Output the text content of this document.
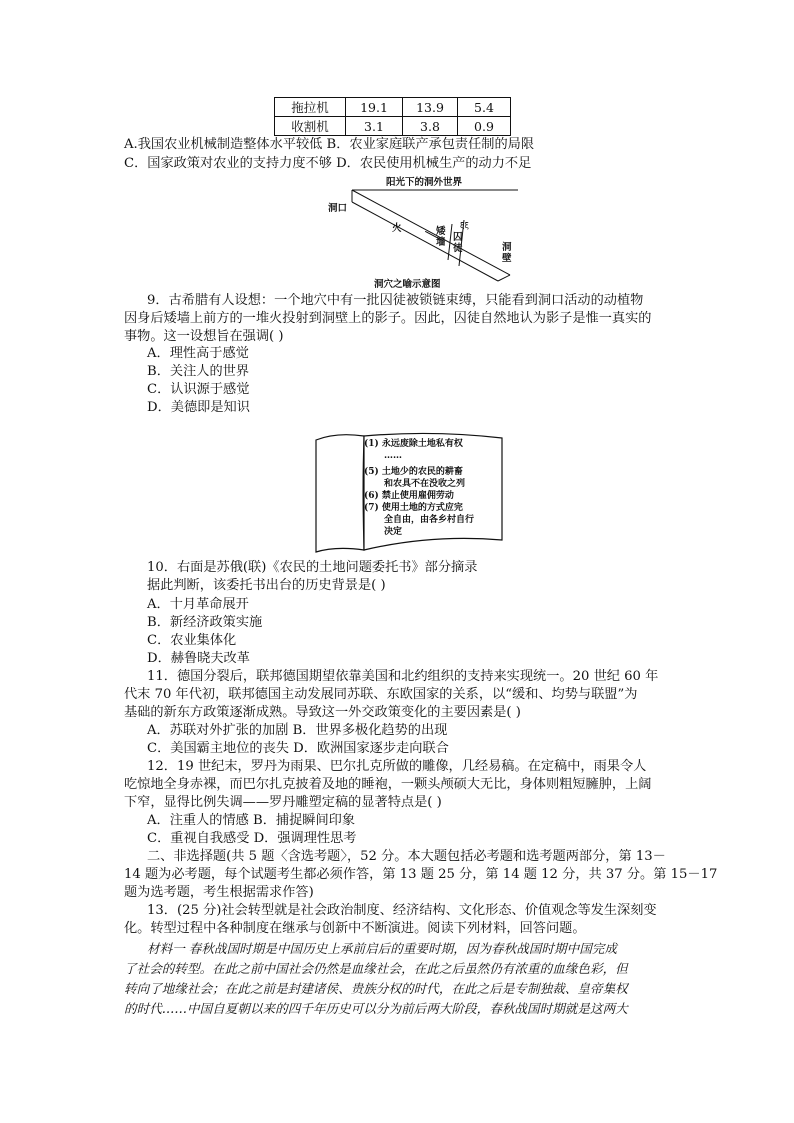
拖拉机	19.1	13.9	5.4
收割机	3.1	3.8	0.9
A.我国农业机械制造整体水平较低 B．农业家庭联产承包责任制的局限
C．国家政策对农业的支持力度不够 D．农民使用机械生产的动力不足
阳光下的洞外世界
洞口
火	矮墙
ξξ
囚徒	洞壁
洞穴之喻示意图
9．古希腊有人设想：一个地穴中有一批囚徒被锁链束缚，只能看到洞口活动的动植物
因身后矮墙上前方的一堆火投射到洞壁上的影子。因此，囚徒自然地认为影子是惟一真实的
事物。这一设想旨在强调( )
A．理性高于感觉
B．关注人的世界
C．认识源于感觉
D．美德即是知识
(1) 永远废除土地私有权
……
(5) 土地少的农民的耕畜
和农具不在没收之列
(6) 禁止使用雇佣劳动
(7) 使用土地的方式应完
全自由，由各乡村自行
决定
10．右面是苏俄(联)《农民的土地问题委托书》部分摘录
据此判断，该委托书出台的历史背景是( )
A．十月革命展开
B．新经济政策实施
C．农业集体化
D．赫鲁晓夫改革
11．德国分裂后，联邦德国期望依靠美国和北约组织的支持来实现统一。20 世纪 60 年
代末 70 年代初，联邦德国主动发展同苏联、东欧国家的关系，以“缓和、均势与联盟”为
基础的新东方政策逐渐成熟。导致这一外交政策变化的主要因素是( )
A．苏联对外扩张的加剧 B．世界多极化趋势的出现
C．美国霸主地位的丧失 D．欧洲国家逐步走向联合
12．19 世纪末，罗丹为雨果、巴尔扎克所做的雕像，几经易稿。在定稿中，雨果令人
吃惊地全身赤裸，而巴尔扎克披着及地的睡袍，一颗头颅硕大无比，身体则粗短臃肿，上阔
下窄，显得比例失调——罗丹雕塑定稿的显著特点是( )
A．注重人的情感 B．捕捉瞬间印象
C．重视自我感受 D．强调理性思考
二、非选择题(共 5 题〈含选考题〉，52 分。本大题包括必考题和选考题两部分，第 13－
14 题为必考题，每个试题考生都必须作答，第 13 题 25 分，第 14 题 12 分，共 37 分。第 15－17
题为选考题，考生根据需求作答)
13．(25 分)社会转型就是社会政治制度、经济结构、文化形态、价值观念等发生深刻变
化。转型过程中各种制度在继承与创新中不断演进。阅读下列材料，回答问题。
材料一 春秋战国时期是中国历史上承前启后的重要时期，因为春秋战国时期中国完成
了社会的转型。在此之前中国社会仍然是血缘社会，在此之后虽然仍有浓重的血缘色彩，但
转向了地缘社会；在此之前是封建诸侯、贵族分权的时代，在此之后是专制独裁、皇帝集权
的时代……中国自夏朝以来的四千年历史可以分为前后两大阶段，春秋战国时期就是这两大
